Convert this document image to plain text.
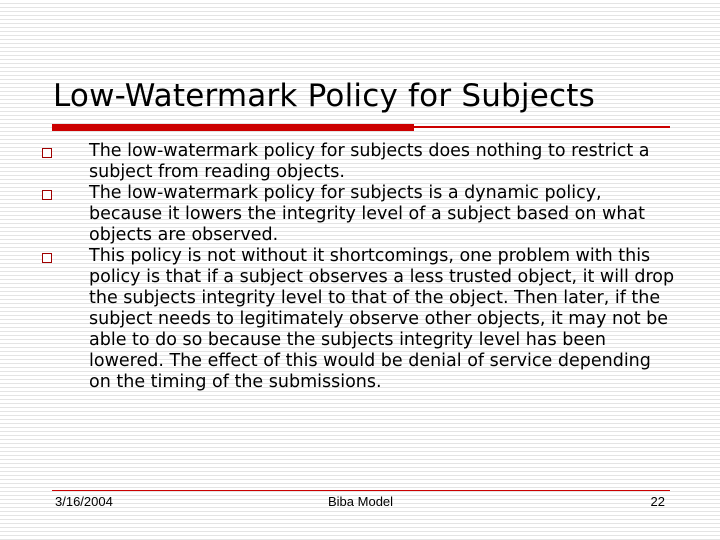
Low-Watermark Policy for Subjects
The low-watermark policy for subjects does nothing to restrict a subject from reading objects.
The low-watermark policy for subjects is a dynamic policy, because it lowers the integrity level of a subject based on what objects are observed.
This policy is not without it shortcomings, one problem with this policy is that if a subject observes a less trusted object, it will drop the subjects integrity level to that of the object. Then later, if the subject needs to legitimately observe other objects, it may not be able to do so because the subjects integrity level has been lowered. The effect of this would be denial of service depending on the timing of the submissions.
3/16/2004	Biba Model	22
